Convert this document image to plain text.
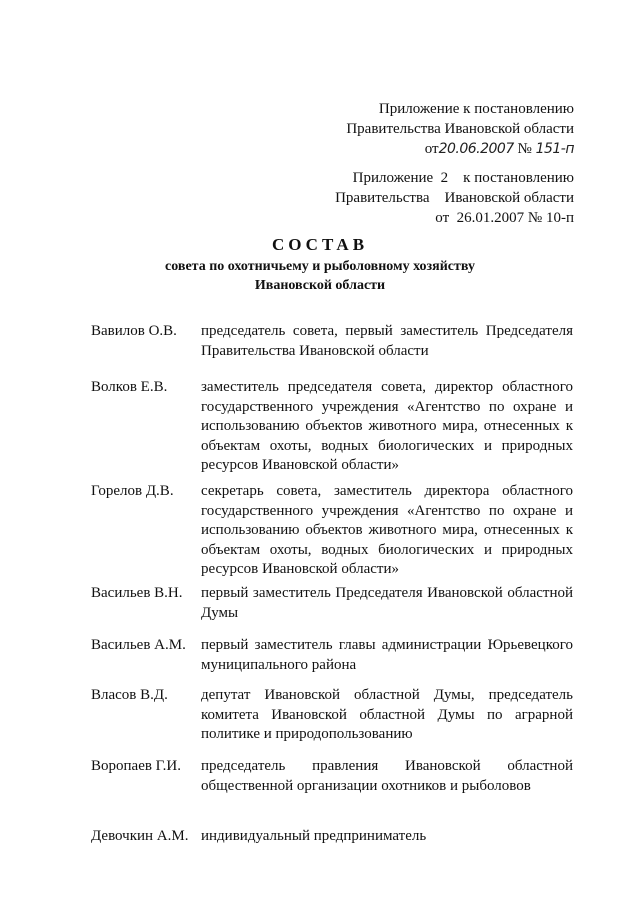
Приложение к постановлению

Правительства Ивановской области

от20.06.2007 № 151-п

Приложение  2    к постановлению

Правительства    Ивановской области

от  26.01.2007 № 10-п

СОСТАВ

совета по охотничьему и рыболовному хозяйству

Ивановской области

Вавилов О.В. председатель совета, первый заместитель Председателя Правительства Ивановской области
Волков Е.В. заместитель председателя совета, директор областного государственного учреждения «Агентство по охране и использованию объектов животного мира, отнесенных к объектам охоты, водных биологических и природных ресурсов Ивановской области»
Горелов Д.В. секретарь совета, заместитель директора областного государственного учреждения «Агентство по охране и использованию объектов животного мира, отнесенных к объектам охоты, водных биологических и природных ресурсов Ивановской области»
Васильев В.Н. первый заместитель Председателя Ивановской областной Думы
Васильев А.М. первый заместитель главы администрации Юрьевецкого муниципального района
Власов В.Д. депутат Ивановской областной Думы, председатель комитета Ивановской областной Думы по аграрной политике и природопользованию
Воропаев Г.И. председатель правления Ивановской областной общественной организации охотников и рыболовов
Девочкин А.М. индивидуальный предприниматель
